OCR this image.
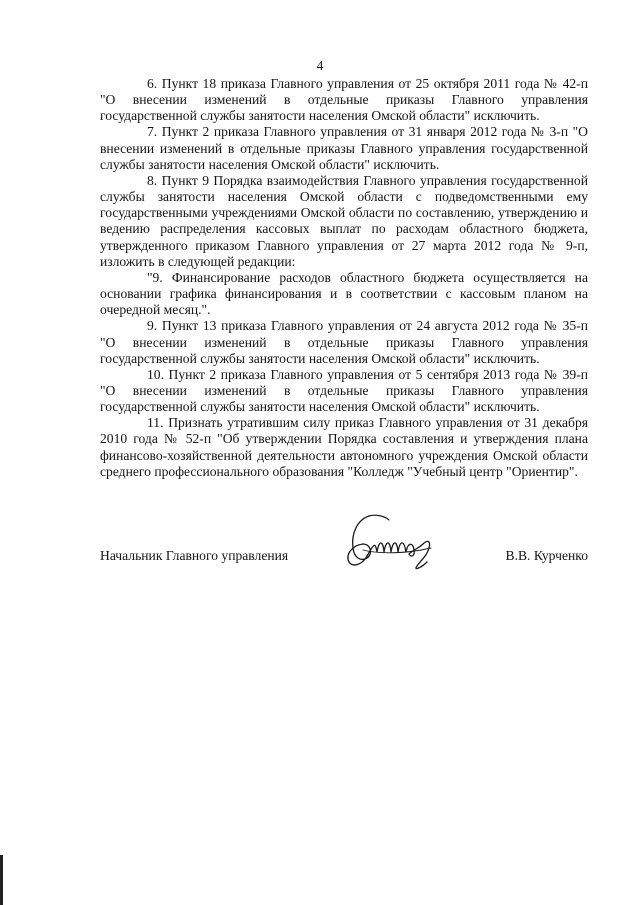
4

6. Пункт 18 приказа Главного управления от 25 октября 2011 года № 42-п "О внесении изменений в отдельные приказы Главного управления государственной службы занятости населения Омской области" исключить.

7. Пункт 2 приказа Главного управления от 31 января 2012 года № 3-п "О внесении изменений в отдельные приказы Главного управления государственной службы занятости населения Омской области" исключить.

8. Пункт 9 Порядка взаимодействия Главного управления государственной службы занятости населения Омской области с подведомственными ему государственными учреждениями Омской области по составлению, утверждению и ведению распределения кассовых выплат по расходам областного бюджета, утвержденного приказом Главного управления от 27 марта 2012 года № 9-п, изложить в следующей редакции:

"9. Финансирование расходов областного бюджета осуществляется на основании графика финансирования и в соответствии с кассовым планом на очередной месяц.".

9. Пункт 13 приказа Главного управления от 24 августа 2012 года № 35-п "О внесении изменений в отдельные приказы Главного управления государственной службы занятости населения Омской области" исключить.

10. Пункт 2 приказа Главного управления от 5 сентября 2013 года № 39-п "О внесении изменений в отдельные приказы Главного управления государственной службы занятости населения Омской области" исключить.

11. Признать утратившим силу приказ Главного управления от 31 декабря 2010 года № 52-п "Об утверждении Порядка составления и утверждения плана финансово-хозяйственной деятельности автономного учреждения Омской области среднего профессионального образования "Колледж "Учебный центр "Ориентир".

Начальник Главного управления	В.В. Курченко
